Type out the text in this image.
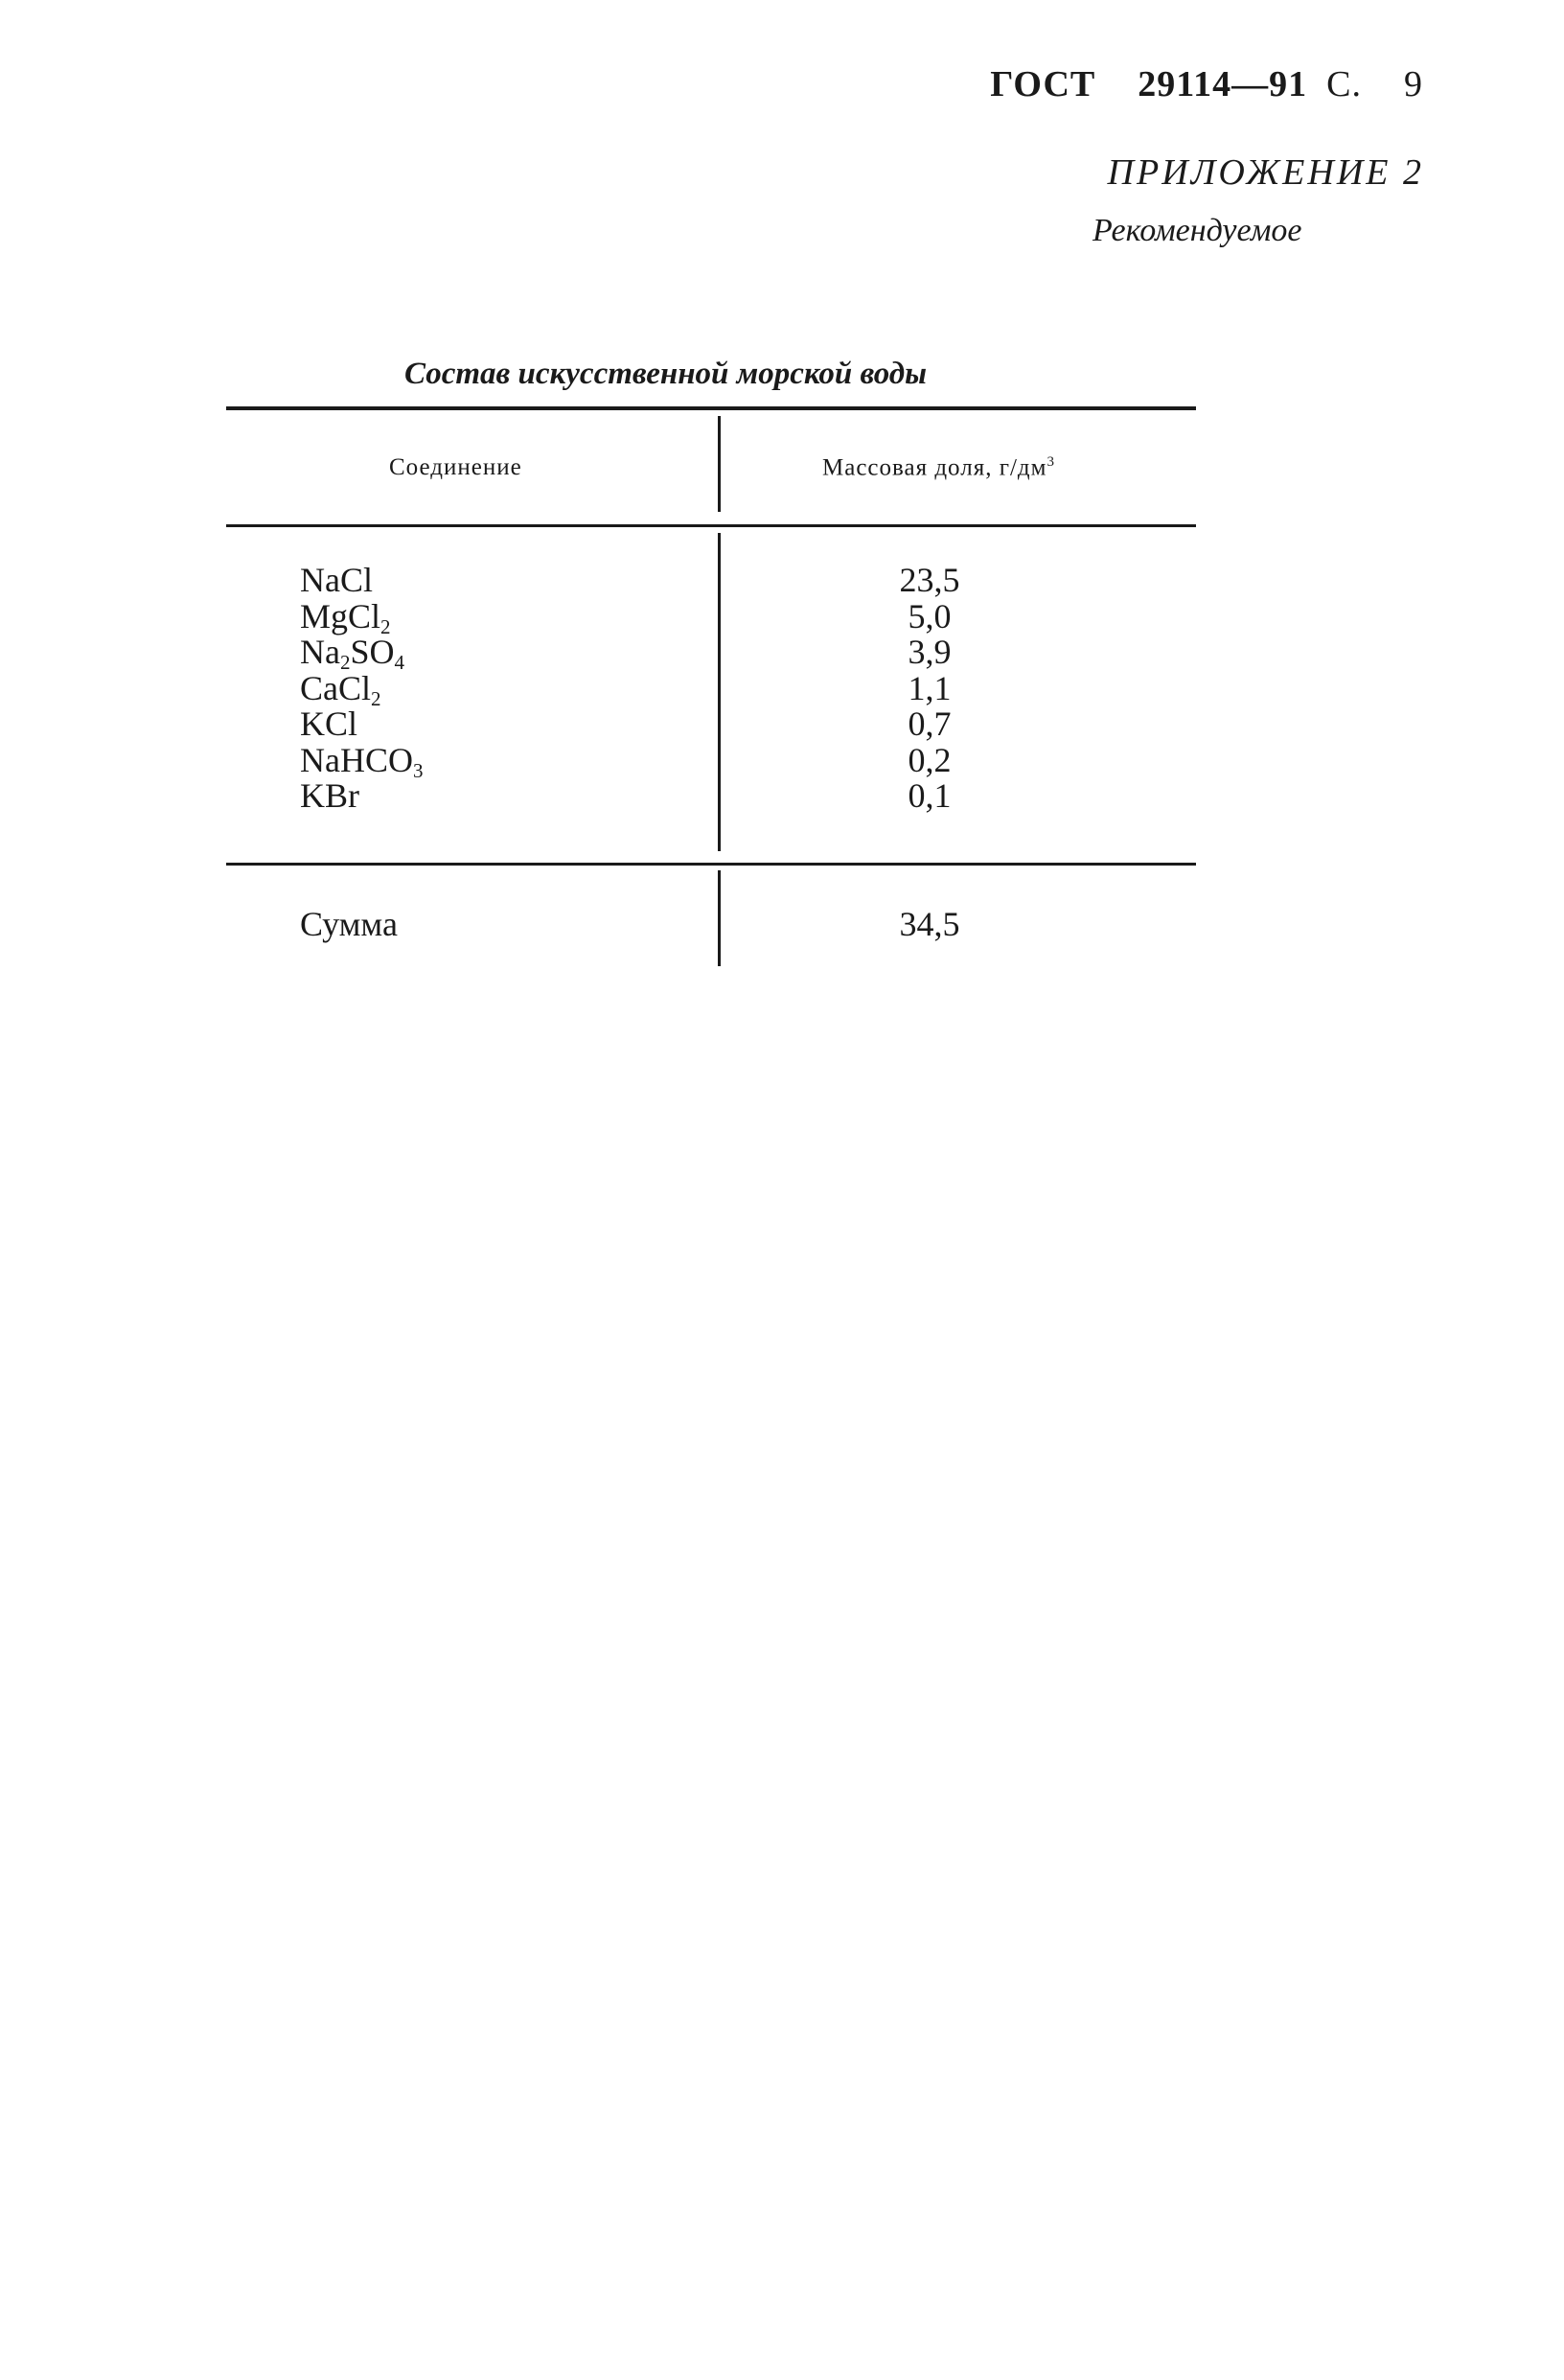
ГОСТ 29114—91 С. 9
ПРИЛОЖЕНИЕ 2
Рекомендуемое
Состав искусственной морской воды
Соединение	Массовая доля, $г/дм^3$
NaCl
MgCl$_2$
$Na_2SO_4$
CaCl$_2$
KCl
NaHCO$_3$
KBr
23,5
5,0
3,9
1,1
0,7
0,2
0,1
Сумма	34,5
